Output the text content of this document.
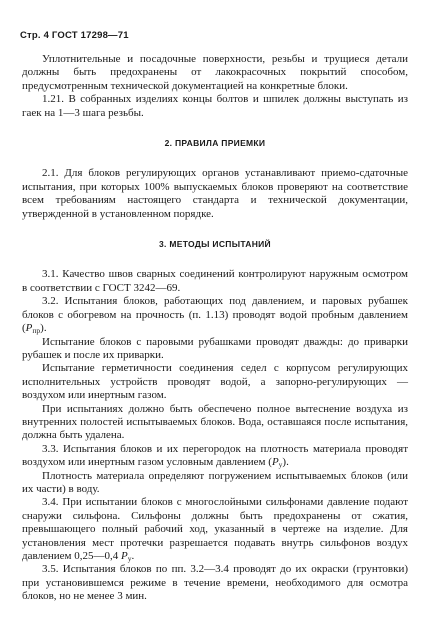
Стр. 4 ГОСТ 17298—71

Уплотнительные и посадочные поверхности, резьбы и трущиеся детали должны быть предохранены от лакокрасочных покрытий способом, предусмотренным технической документацией на конкретные блоки.

1.21. В собранных изделиях концы болтов и шпилек должны выступать из гаек на 1—3 шага резьбы.

2. ПРАВИЛА ПРИЕМКИ

2.1. Для блоков регулирующих органов устанавливают приемо-сдаточные испытания, при которых 100% выпускаемых блоков проверяют на соответствие всем требованиям настоящего стандарта и технической документации, утвержденной в установленном порядке.

3. МЕТОДЫ ИСПЫТАНИЙ

3.1. Качество швов сварных соединений контролируют наружным осмотром в соответствии с ГОСТ 3242—69.

3.2. Испытания блоков, работающих под давлением, и паровых рубашек блоков с обогревом на прочность (п. 1.13) проводят водой пробным давлением $(P_{пр})$.

Испытание блоков с паровыми рубашками проводят дважды: до приварки рубашек и после их приварки.

Испытание герметичности соединения седел с корпусом регулирующих исполнительных устройств проводят водой, а запорно-регулирующих — воздухом или инертным газом.

При испытаниях должно быть обеспечено полное вытеснение воздуха из внутренних полостей испытываемых блоков. Вода, оставшаяся после испытания, должна быть удалена.

3.3. Испытания блоков и их перегородок на плотность материала проводят воздухом или инертным газом условным давлением $(P_у)$.

Плотность материала определяют погружением испытываемых блоков (или их части) в воду.

3.4. При испытании блоков с многослойными сильфонами давление подают снаружи сильфона. Сильфоны должны быть предохранены от сжатия, превышающего полный рабочий ход, указанный в чертеже на изделие. Для установления мест протечки разрешается подавать внутрь сильфонов воздух давлением 0,25—0,4 $P_у$.

3.5. Испытания блоков по пп. 3.2—3.4 проводят до их окраски (грунтовки) при установившемся режиме в течение времени, необходимого для осмотра блоков, но не менее 3 мин.
